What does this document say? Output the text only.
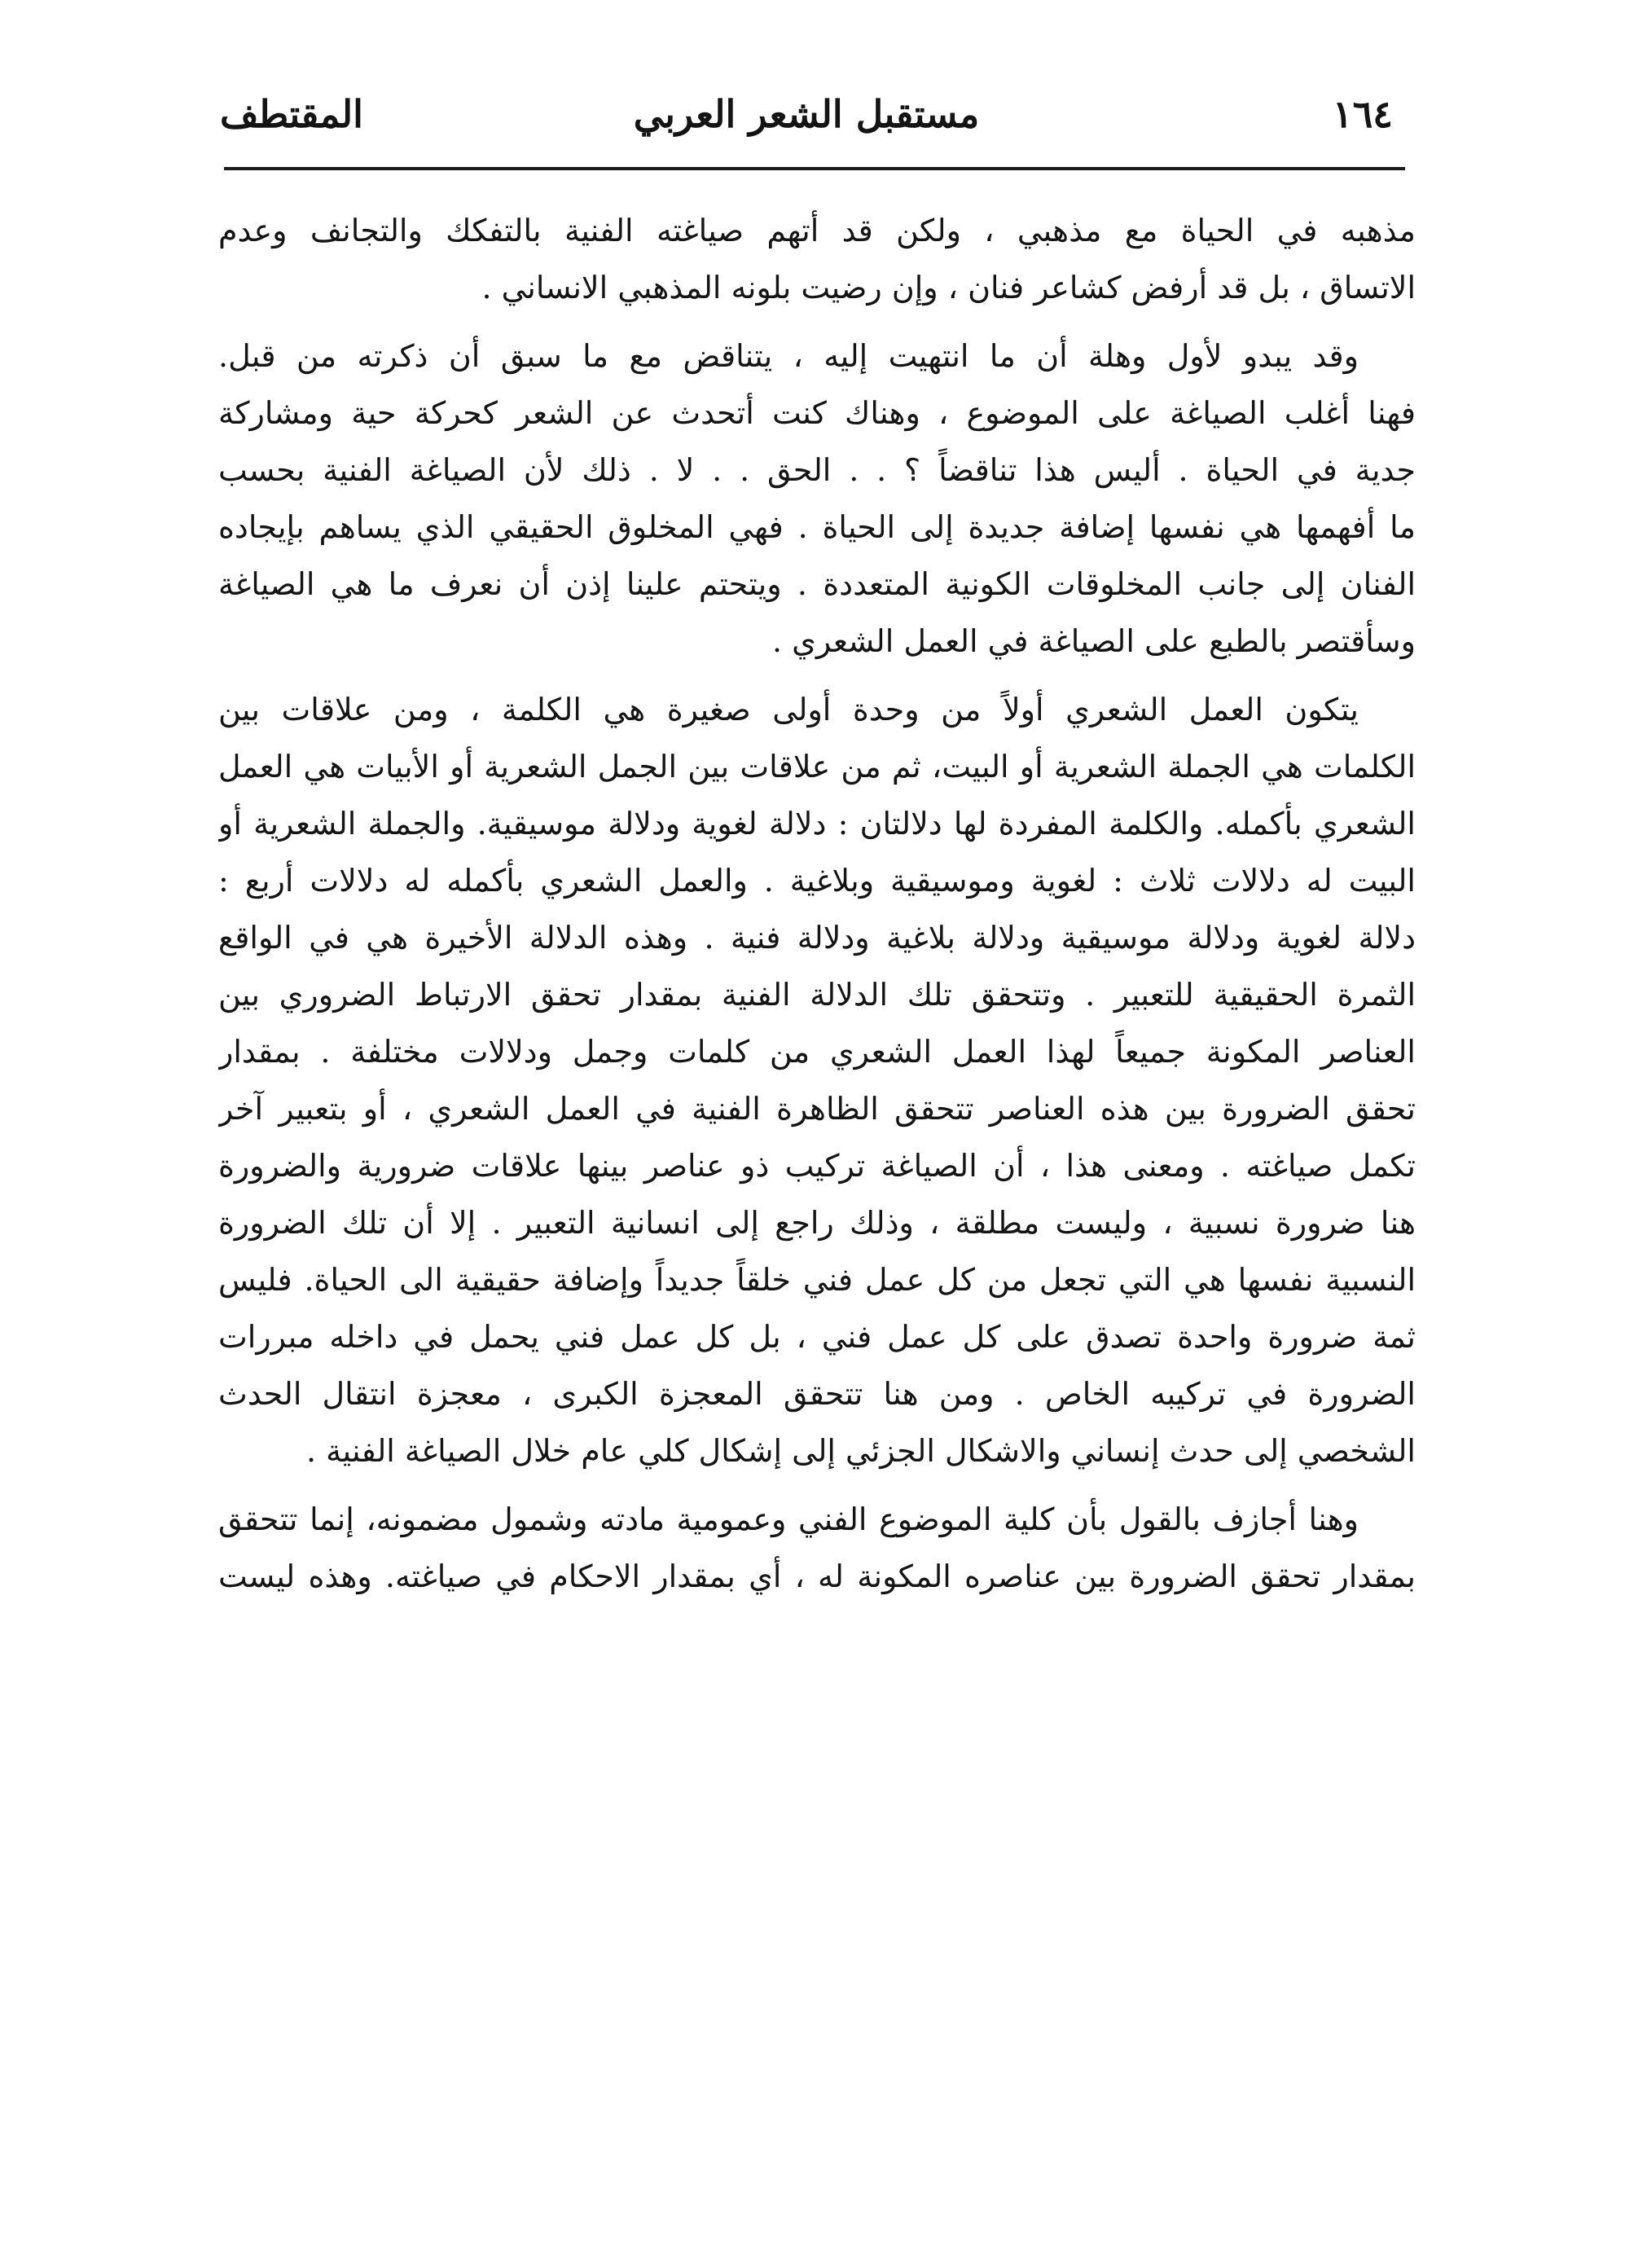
١٦٤
مستقبل الشعر العربي
المقتطف
مذهبه في الحياة مع مذهبي ، ولكن قد أتهم صياغته الفنية بالتفكك والتجانف وعدم
الاتساق ، بل قد أرفض كشاعر فنان ، وإن رضيت بلونه المذهبي الانساني .
وقد يبدو لأول وهلة أن ما انتهيت إليه ، يتناقض مع ما سبق أن ذكرته من قبل.
فهنا أغلب الصياغة على الموضوع ، وهناك كنت أتحدث عن الشعر كحركة حية ومشاركة
جدية في الحياة . أليس هذا تناقضاً ؟ . . الحق . . لا . ذلك لأن الصياغة الفنية بحسب
ما أفهمها هي نفسها إضافة جديدة إلى الحياة . فهي المخلوق الحقيقي الذي يساهم بإيجاده
الفنان إلى جانب المخلوقات الكونية المتعددة . ويتحتم علينا إذن أن نعرف ما هي الصياغة
وسأقتصر بالطبع على الصياغة في العمل الشعري .
يتكون العمل الشعري أولاً من وحدة أولى صغيرة هي الكلمة ، ومن علاقات بين
الكلمات هي الجملة الشعرية أو البيت، ثم من علاقات بين الجمل الشعرية أو الأبيات هي العمل
الشعري بأكمله. والكلمة المفردة لها دلالتان : دلالة لغوية ودلالة موسيقية. والجملة الشعرية أو
البيت له دلالات ثلاث : لغوية وموسيقية وبلاغية . والعمل الشعري بأكمله له دلالات أربع :
دلالة لغوية ودلالة موسيقية ودلالة بلاغية ودلالة فنية . وهذه الدلالة الأخيرة هي في الواقع
الثمرة الحقيقية للتعبير . وتتحقق تلك الدلالة الفنية بمقدار تحقق الارتباط الضروري بين
العناصر المكونة جميعاً لهذا العمل الشعري من كلمات وجمل ودلالات مختلفة . بمقدار
تحقق الضرورة بين هذه العناصر تتحقق الظاهرة الفنية في العمل الشعري ، أو بتعبير آخر
تكمل صياغته . ومعنى هذا ، أن الصياغة تركيب ذو عناصر بينها علاقات ضرورية والضرورة
هنا ضرورة نسبية ، وليست مطلقة ، وذلك راجع إلى انسانية التعبير . إلا أن تلك الضرورة
النسبية نفسها هي التي تجعل من كل عمل فني خلقاً جديداً وإضافة حقيقية الى الحياة. فليس
ثمة ضرورة واحدة تصدق على كل عمل فني ، بل كل عمل فني يحمل في داخله مبررات
الضرورة في تركيبه الخاص . ومن هنا تتحقق المعجزة الكبرى ، معجزة انتقال الحدث
الشخصي إلى حدث إنساني والاشكال الجزئي إلى إشكال كلي عام خلال الصياغة الفنية .
وهنا أجازف بالقول بأن كلية الموضوع الفني وعمومية مادته وشمول مضمونه، إنما تتحقق
بمقدار تحقق الضرورة بين عناصره المكونة له ، أي بمقدار الاحكام في صياغته. وهذه ليست
